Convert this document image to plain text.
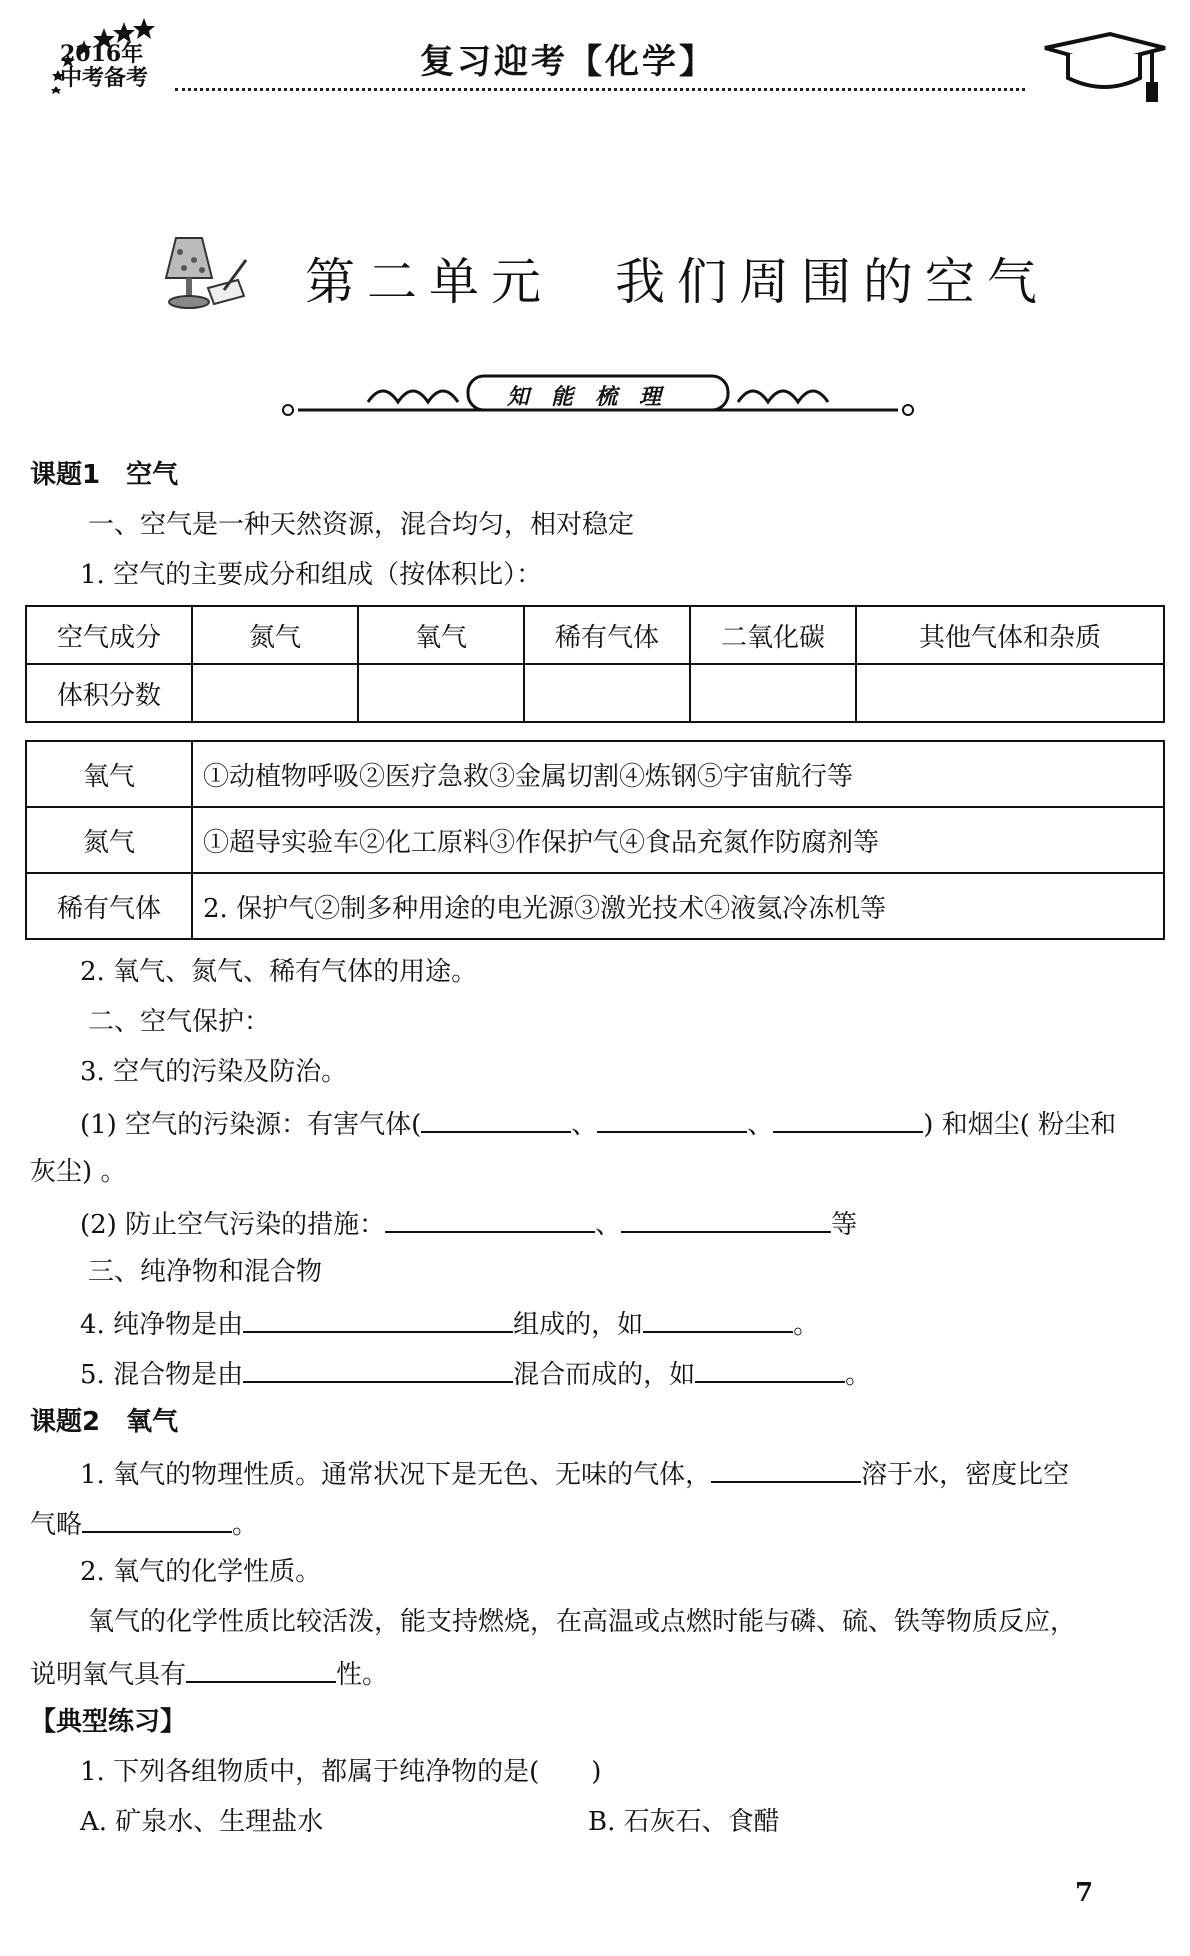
2016年
中考备考	复习迎考【化学】
第二单元　我们周围的空气
知能梳理
课题1　空气
一、空气是一种天然资源，混合均匀，相对稳定
1. 空气的主要成分和组成（按体积比）：
空气成分	氮气	氧气	稀有气体	二氧化碳	其他气体和杂质
体积分数					
氧气	①动植物呼吸②医疗急救③金属切割④炼钢⑤宇宙航行等
氮气	①超导实验车②化工原料③作保护气④食品充氮作防腐剂等
稀有气体	2. 保护气②制多种用途的电光源③激光技术④液氦冷冻机等
2. 氧气、氮气、稀有气体的用途。
二、空气保护：
3. 空气的污染及防治。
(1) 空气的污染源：有害气体(	、	、	) 和烟尘( 粉尘和
灰尘) 。
(2) 防止空气污染的措施：	、	等
三、纯净物和混合物
4. 纯净物是由	组成的，如	。
5. 混合物是由	混合而成的，如	。
课题2　氧气
1. 氧气的物理性质。通常状况下是无色、无味的气体，	溶于水，密度比空
气略	。
2. 氧气的化学性质。
氧气的化学性质比较活泼，能支持燃烧，在高温或点燃时能与磷、硫、铁等物质反应，
说明氧气具有	性。
【典型练习】
1. 下列各组物质中，都属于纯净物的是(　　)
A. 矿泉水、生理盐水	B. 石灰石、食醋
7
